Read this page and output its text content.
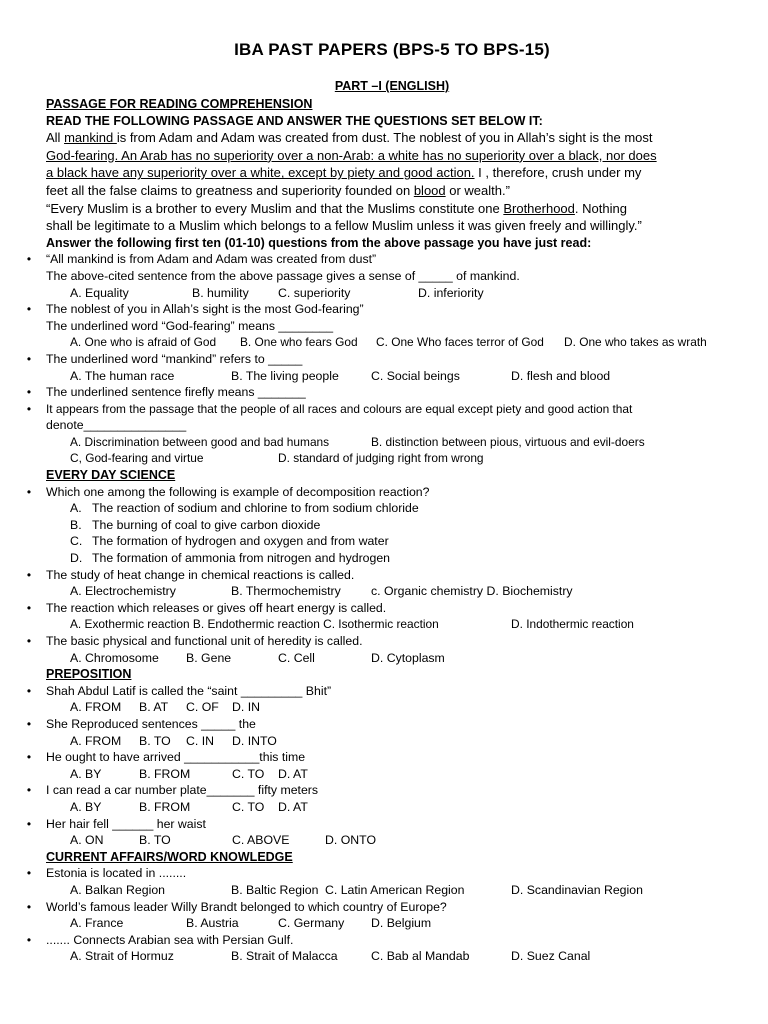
IBA PAST PAPERS (BPS-5 TO BPS-15)
PART –I (ENGLISH)
PASSAGE FOR READING COMPREHENSION
READ THE FOLLOWING PASSAGE AND ANSWER THE QUESTIONS SET BELOW IT:
All mankind is from Adam and Adam was created from dust. The noblest of you in Allah’s sight is the most
God-fearing. An Arab has no superiority over a non-Arab: a white has no superiority over a black, nor does
a black have any superiority over a white, except by piety and good action. I , therefore, crush under my
feet all the false claims to greatness and superiority founded on blood or wealth.”
“Every Muslim is a brother to every Muslim and that the Muslims constitute one Brotherhood. Nothing
shall be legitimate to a Muslim which belongs to a fellow Muslim unless it was given freely and willingly.”
Answer the following first ten (01-10) questions from the above passage you have just read:
•
“All mankind is from Adam and Adam was created from dust”
The above-cited sentence from the above passage gives a sense of _____ of mankind.
A. Equality	B. humility C. superiority	D. inferiority
•
The noblest of you in Allah’s sight is the most God-fearing”
The underlined word “God-fearing” means ________
A. One who is afraid of God B. One who fears God C. One Who faces terror of God D. One who takes as wrath
•
The underlined word “mankind” refers to _____
A. The human race	B. The living people	C. Social beings	D. flesh and blood
•
The underlined sentence firefly means _______
•
It appears from the passage that the people of all races and colours are equal except piety and good action that
denote_______________
A. Discrimination between good and bad humans	B. distinction between pious, virtuous and evil-doers
C, God-fearing and virtue	D. standard of judging right from wrong
EVERY DAY SCIENCE
•
Which one among the following is example of decomposition reaction?
A. The reaction of sodium and chlorine to from sodium chloride
B. The burning of coal to give carbon dioxide
C. The formation of hydrogen and oxygen and from water
D. The formation of ammonia from nitrogen and hydrogen
•
The study of heat change in chemical reactions is called.
A. Electrochemistry	B. Thermochemistry c. Organic chemistry D. Biochemistry
•
The reaction which releases or gives off heart energy is called.
A. Exothermic reaction B. Endothermic reaction C. Isothermic reaction	D. Indothermic reaction
•
The basic physical and functional unit of heredity is called.
A. Chromosome B. Gene	C. Cell	D. Cytoplasm
PREPOSITION
•
Shah Abdul Latif is called the “saint _________ Bhit”
A. FROM B. AT C. OF D. IN
•
She Reproduced sentences _____ the
A. FROM B. TO C. IN D. INTO
•
He ought to have arrived ___________this time
A. BY	B. FROM	C. TO D. AT
•
I can read a car number plate_______ fifty meters
A. BY	B. FROM	C. TO D. AT
•
Her hair fell ______ her waist
A. ON	B. TO	C. ABOVE	D. ONTO
CURRENT AFFAIRS/WORD KNOWLEDGE
•
Estonia is located in ........
A. Balkan Region	B. Baltic Region C. Latin American Region	D. Scandinavian Region
•
World’s famous leader Willy Brandt belonged to which country of Europe?
A. France	B. Austria	C. Germany D. Belgium
•
....... Connects Arabian sea with Persian Gulf.
A. Strait of Hormuz	B. Strait of Malacca	C. Bab al Mandab	D. Suez Canal
